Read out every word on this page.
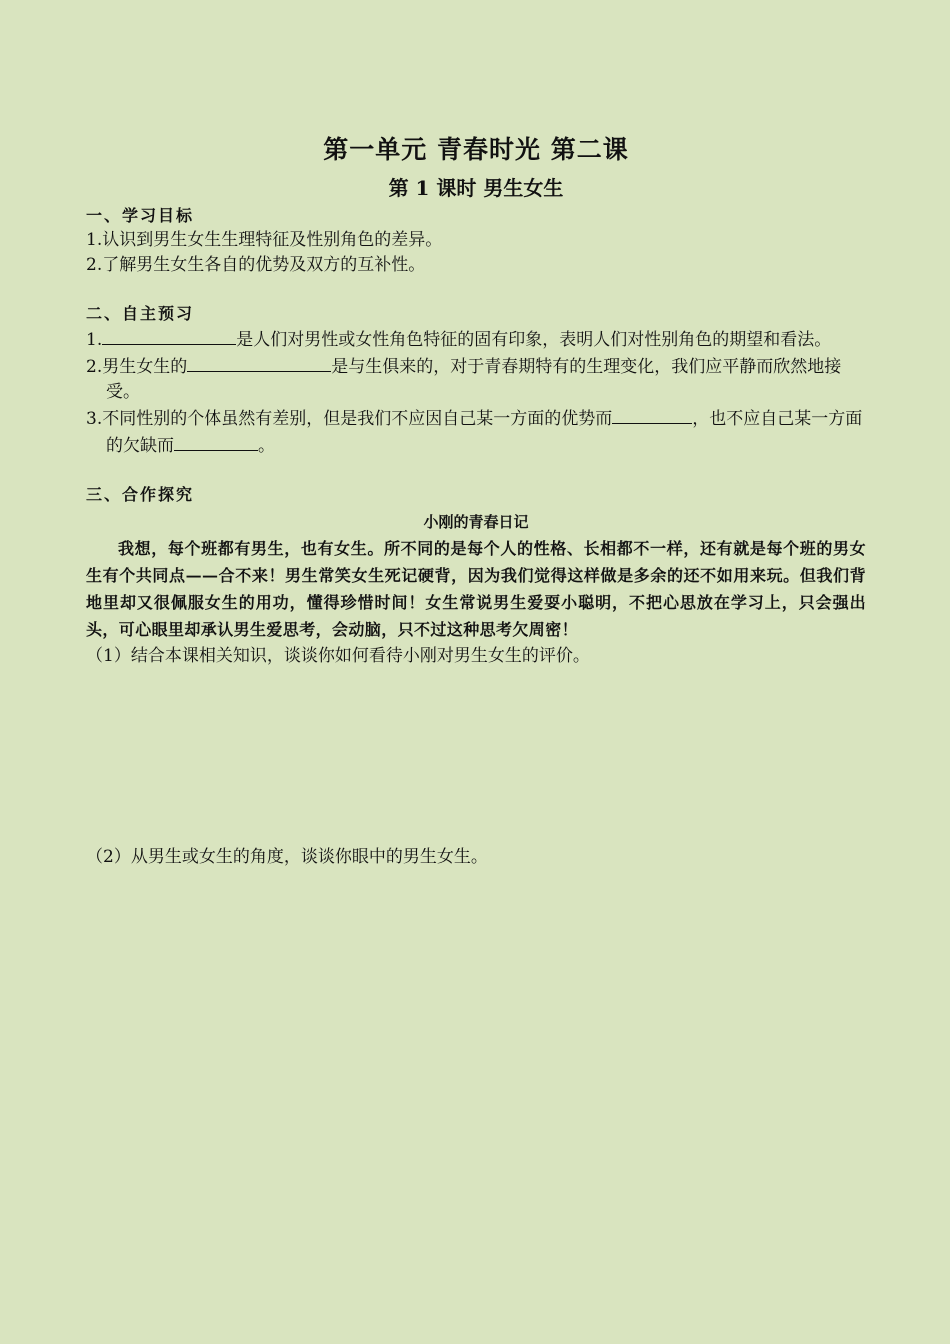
第一单元 青春时光 第二课
第 1 课时 男生女生

一、学习目标

1.认识到男生女生生理特征及性别角色的差异。

2.了解男生女生各自的优势及双方的互补性。

二、自主预习

1.	是人们对男性或女性角色特征的固有印象，表明人们对性别角色的期望和看法。

2.男生女生的	是与生俱来的，对于青春期特有的生理变化，我们应平静而欣然地接受。

3.不同性别的个体虽然有差别，但是我们不应因自己某一方面的优势而	，也不应自己某一方面的欠缺而	。

三、合作探究

小刚的青春日记

我想，每个班都有男生，也有女生。所不同的是每个人的性格、长相都不一样，还有就是每个班的男女生有个共同点——合不来！男生常笑女生死记硬背，因为我们觉得这样做是多余的还不如用来玩。但我们背地里却又很佩服女生的用功，懂得珍惜时间！女生常说男生爱耍小聪明，不把心思放在学习上，只会强出头，可心眼里却承认男生爱思考，会动脑，只不过这种思考欠周密！

（1）结合本课相关知识，谈谈你如何看待小刚对男生女生的评价。

（2）从男生或女生的角度，谈谈你眼中的男生女生。
